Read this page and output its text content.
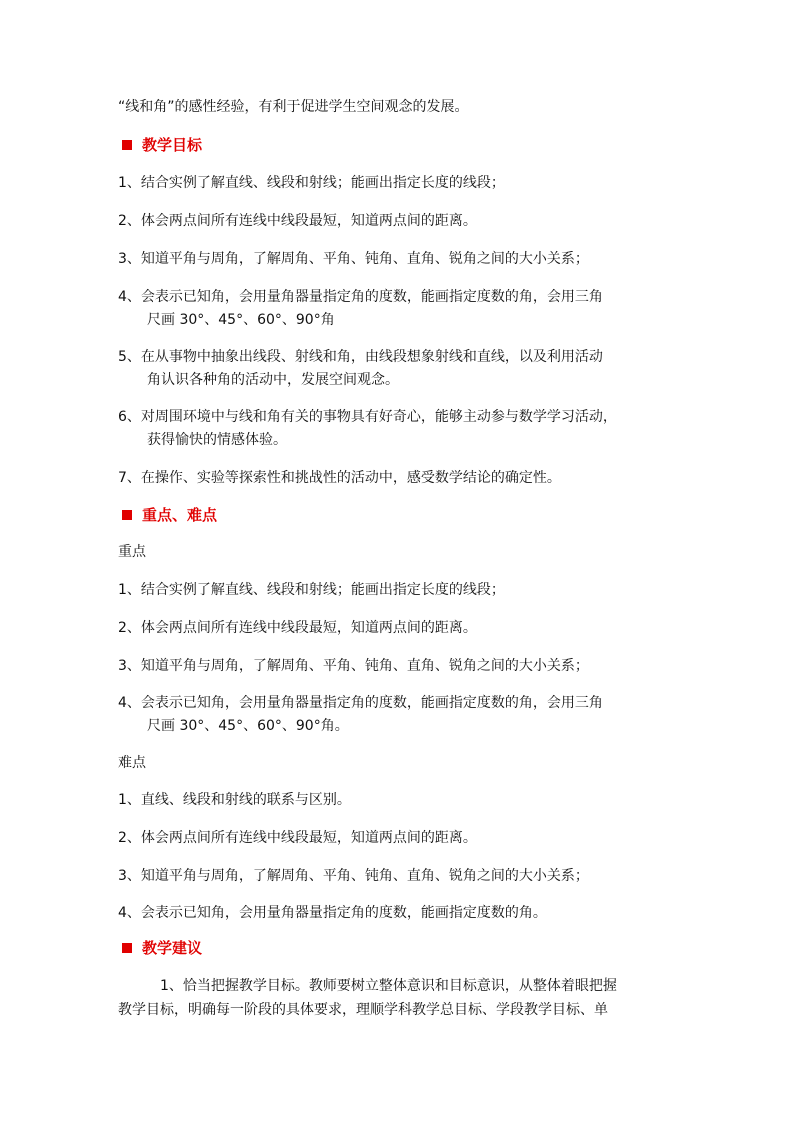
“线和角”的感性经验，有利于促进学生空间观念的发展。
教学目标
1、结合实例了解直线、线段和射线；能画出指定长度的线段；
2、体会两点间所有连线中线段最短，知道两点间的距离。
3、知道平角与周角，了解周角、平角、钝角、直角、锐角之间的大小关系；
4、会表示已知角，会用量角器量指定角的度数，能画指定度数的角，会用三角
尺画 30°、45°、60°、90°角
5、在从事物中抽象出线段、射线和角，由线段想象射线和直线，以及利用活动
角认识各种角的活动中，发展空间观念。
6、对周围环境中与线和角有关的事物具有好奇心，能够主动参与数学学习活动，
获得愉快的情感体验。
7、在操作、实验等探索性和挑战性的活动中，感受数学结论的确定性。
重点、难点
重点
1、结合实例了解直线、线段和射线；能画出指定长度的线段；
2、体会两点间所有连线中线段最短，知道两点间的距离。
3、知道平角与周角，了解周角、平角、钝角、直角、锐角之间的大小关系；
4、会表示已知角，会用量角器量指定角的度数，能画指定度数的角，会用三角
尺画 30°、45°、60°、90°角。
难点
1、直线、线段和射线的联系与区别。
2、体会两点间所有连线中线段最短，知道两点间的距离。
3、知道平角与周角，了解周角、平角、钝角、直角、锐角之间的大小关系；
4、会表示已知角，会用量角器量指定角的度数，能画指定度数的角。
教学建议
1、恰当把握教学目标。教师要树立整体意识和目标意识，从整体着眼把握
教学目标，明确每一阶段的具体要求，理顺学科教学总目标、学段教学目标、单
